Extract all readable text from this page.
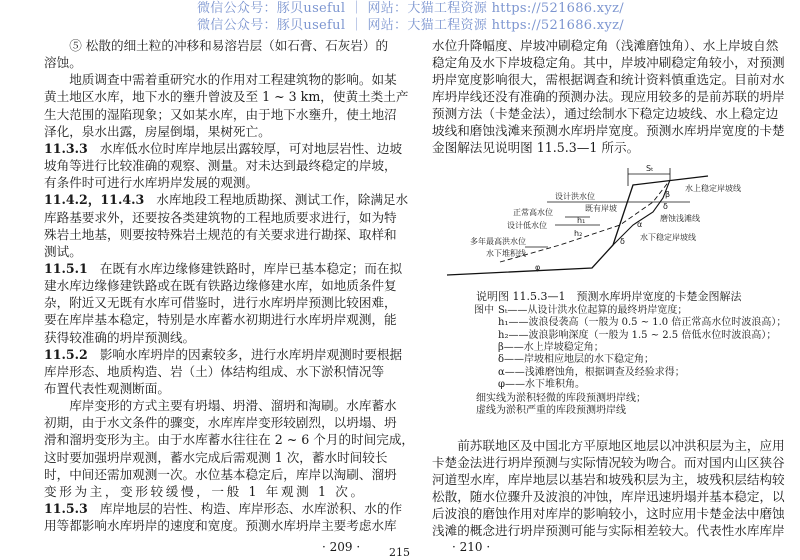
微信公众号：豚贝useful ｜ 网站：大猫工程资源 https://521686.xyz/
微信公众号：豚贝useful ｜ 网站：大猫工程资源 https://521686.xyz/
　　⑤ 松散的细土粒的冲移和易溶岩层（如石膏、石灰岩）的
溶蚀。
　　地质调查中需着重研究水的作用对工程建筑物的影响。如某
黄土地区水库，地下水的壅升曾波及至 1 ~ 3 km，使黄土类土产
生大范围的湿陷现象；又如某水库，由于地下水壅升，使土地沼
泽化，泉水出露，房屋倒塌，果树死亡。
11.3.3 水库低水位时库岸地层出露较厚，可对地层岩性、边坡
坡角等进行比较准确的观察、测量。对未达到最终稳定的岸坡，
有条件时可进行水库坍岸发展的观测。
11.4.2，11.4.3 水库地段工程地质勘探、测试工作，除满足水
库路基要求外，还要按各类建筑物的工程地质要求进行，如为特
殊岩土地基，则要按特殊岩土规范的有关要求进行勘探、取样和
测试。
11.5.1 在既有水库边缘修建铁路时，库岸已基本稳定；而在拟
建水库边缘修建铁路或在既有铁路边缘修建水库，如地质条件复
杂，附近又无既有水库可借鉴时，进行水库坍岸预测比较困难，
要在库岸基本稳定，特别是水库蓄水初期进行水库坍岸观测，能
获得较准确的坍岸预测线。
11.5.2 影响水库坍岸的因素较多，进行水库坍岸观测时要根据
库岸形态、地质构造、岩（土）体结构组成、水下淤积情况等
布置代表性观测断面。
　　库岸变形的方式主要有坍塌、坍滑、溜坍和淘刷。水库蓄水
初期，由于水文条件的骤变，水库库岸变形较剧烈，以坍塌、坍
滑和溜坍变形为主。由于水库蓄水往往在 2 ~ 6 个月的时间完成，
这时要加强坍岸观测，蓄水完成后需观测 1 次，蓄水时间较长
时，中间还需加观测一次。水位基本稳定后，库岸以淘刷、溜坍
变形为主，变形较缓慢，一般 1 年观测 1 次。
11.5.3 库岸地层的岩性、构造、库岸形态、水库淤积、水的作
用等都影响水库坍岸的速度和宽度。预测水库坍岸主要考虑水库
· 209 ·
水位升降幅度、岸坡冲刷稳定角（浅滩磨蚀角）、水上岸坡自然
稳定角及水下岸坡稳定角。其中，岸坡冲刷稳定角较小，对预测
坍岸宽度影响很大，需根据调查和统计资料慎重选定。目前对水
库坍岸线还没有准确的预测办法。现应用较多的是前苏联的坍岸
预测方法（卡楚金法），通过绘制水下稳定边坡线、水上稳定边
坡线和磨蚀浅滩来预测水库坍岸宽度。预测水库坍岸宽度的卡楚
金图解法见说明图 11.5.3—1 所示。
Sₜ
设计洪水位
既有岸坡
正常高水位
设计低水位
h₁
h₂
多年最高洪水位
水下堆积线
φ
水上稳定岸坡线
磨蚀浅滩线
水下稳定岸坡线
β
δ
α
δ
说明图 11.5.3—1　预测水库坍岸宽度的卡楚金图解法
图中 Sₜ——从设计洪水位起算的最终坍岸宽度；
h₁——波浪侵袭高（一般为 0.5 ~ 1.0 倍正常高水位时波浪高）；
h₂——波浪影响深度（一般为 1.5 ~ 2.5 倍低水位时波浪高）；
β——水上岸坡稳定角；
δ——岸坡相应地层的水下稳定角；
α——浅滩磨蚀角，根据调查及经验求得；
φ——水下堆积角。
细实线为淤积轻微的库段预测坍岸线；
虚线为淤积严重的库段预测坍岸线
　　前苏联地区及中国北方平原地区地层以冲洪积层为主，应用
卡楚金法进行坍岸预测与实际情况较为吻合。而对国内山区狭谷
河道型水库，库岸地层以基岩和坡残积层为主，坡残积层结构较
松散，随水位骤升及波浪的冲蚀，库岸迅速坍塌并基本稳定，以
后波浪的磨蚀作用对库岸的影响较小，这时应用卡楚金法中磨蚀
浅滩的概念进行坍岸预测可能与实际相差较大。代表性水库库岸
· 210 ·
215
